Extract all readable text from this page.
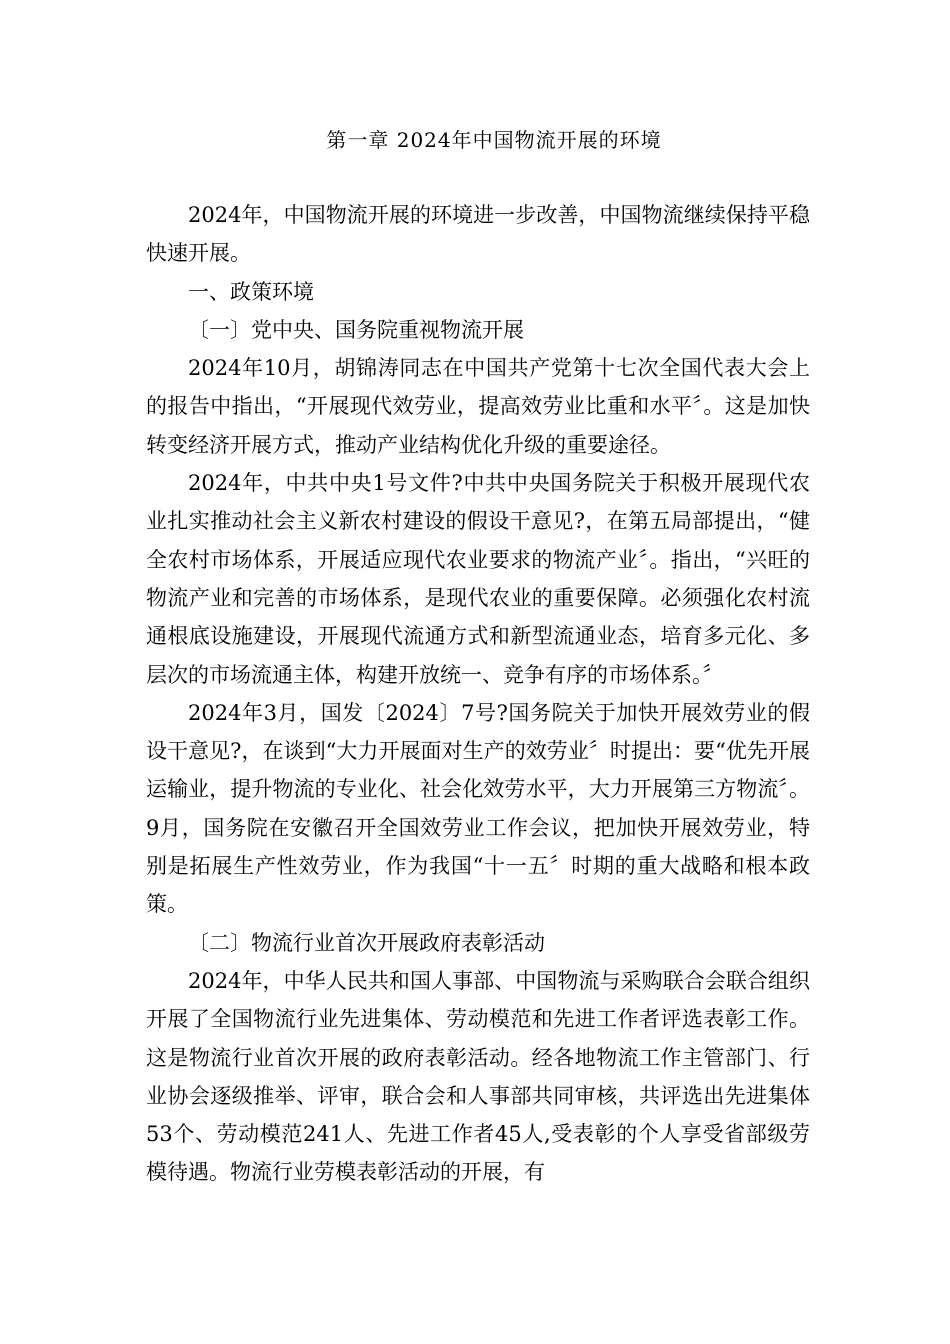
第一章 2024年中国物流开展的环境

2024年，中国物流开展的环境进一步改善，中国物流继续保持平稳快速开展。

一、政策环境

〔一〕党中央、国务院重视物流开展

2024年10月，胡锦涛同志在中国共产党第十七次全国代表大会上的报告中指出，“开展现代效劳业，提高效劳业比重和水平〞。这是加快转变经济开展方式，推动产业结构优化升级的重要途径。

2024年，中共中央1号文件?中共中央国务院关于积极开展现代农业扎实推动社会主义新农村建设的假设干意见?，在第五局部提出，“健全农村市场体系，开展适应现代农业要求的物流产业〞。指出，“兴旺的物流产业和完善的市场体系，是现代农业的重要保障。必须强化农村流通根底设施建设，开展现代流通方式和新型流通业态，培育多元化、多层次的市场流通主体，构建开放统一、竞争有序的市场体系。〞

2024年3月，国发〔2024〕7号?国务院关于加快开展效劳业的假设干意见?，在谈到“大力开展面对生产的效劳业〞时提出：要“优先开展运输业，提升物流的专业化、社会化效劳水平，大力开展第三方物流〞。9月，国务院在安徽召开全国效劳业工作会议，把加快开展效劳业，特别是拓展生产性效劳业，作为我国“十一五〞时期的重大战略和根本政策。

〔二〕物流行业首次开展政府表彰活动

2024年，中华人民共和国人事部、中国物流与采购联合会联合组织开展了全国物流行业先进集体、劳动模范和先进工作者评选表彰工作。这是物流行业首次开展的政府表彰活动。经各地物流工作主管部门、行业协会逐级推举、评审，联合会和人事部共同审核，共评选出先进集体53个、劳动模范241人、先进工作者45人,受表彰的个人享受省部级劳模待遇。物流行业劳模表彰活动的开展，有
